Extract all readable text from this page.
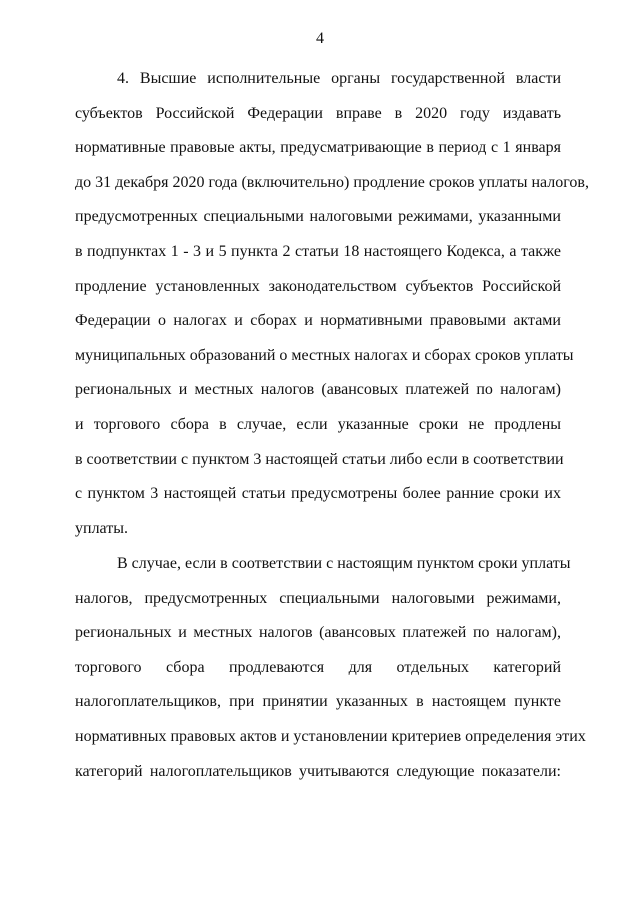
4
4. Высшие исполнительные органы государственной власти
субъектов Российской Федерации вправе в 2020 году издавать
нормативные правовые акты, предусматривающие в период с 1 января
до 31 декабря 2020 года (включительно) продление сроков уплаты налогов,
предусмотренных специальными налоговыми режимами, указанными
в подпунктах 1 - 3 и 5 пункта 2 статьи 18 настоящего Кодекса, а также
продление установленных законодательством субъектов Российской
Федерации о налогах и сборах и нормативными правовыми актами
муниципальных образований о местных налогах и сборах сроков уплаты
региональных и местных налогов (авансовых платежей по налогам)
и торгового сбора в случае, если указанные сроки не продлены
в соответствии с пунктом 3 настоящей статьи либо если в соответствии
с пунктом 3 настоящей статьи предусмотрены более ранние сроки их
уплаты.
В случае, если в соответствии с настоящим пунктом сроки уплаты
налогов, предусмотренных специальными налоговыми режимами,
региональных и местных налогов (авансовых платежей по налогам),
торгового сбора продлеваются для отдельных категорий
налогоплательщиков, при принятии указанных в настоящем пункте
нормативных правовых актов и установлении критериев определения этих
категорий налогоплательщиков учитываются следующие показатели:
